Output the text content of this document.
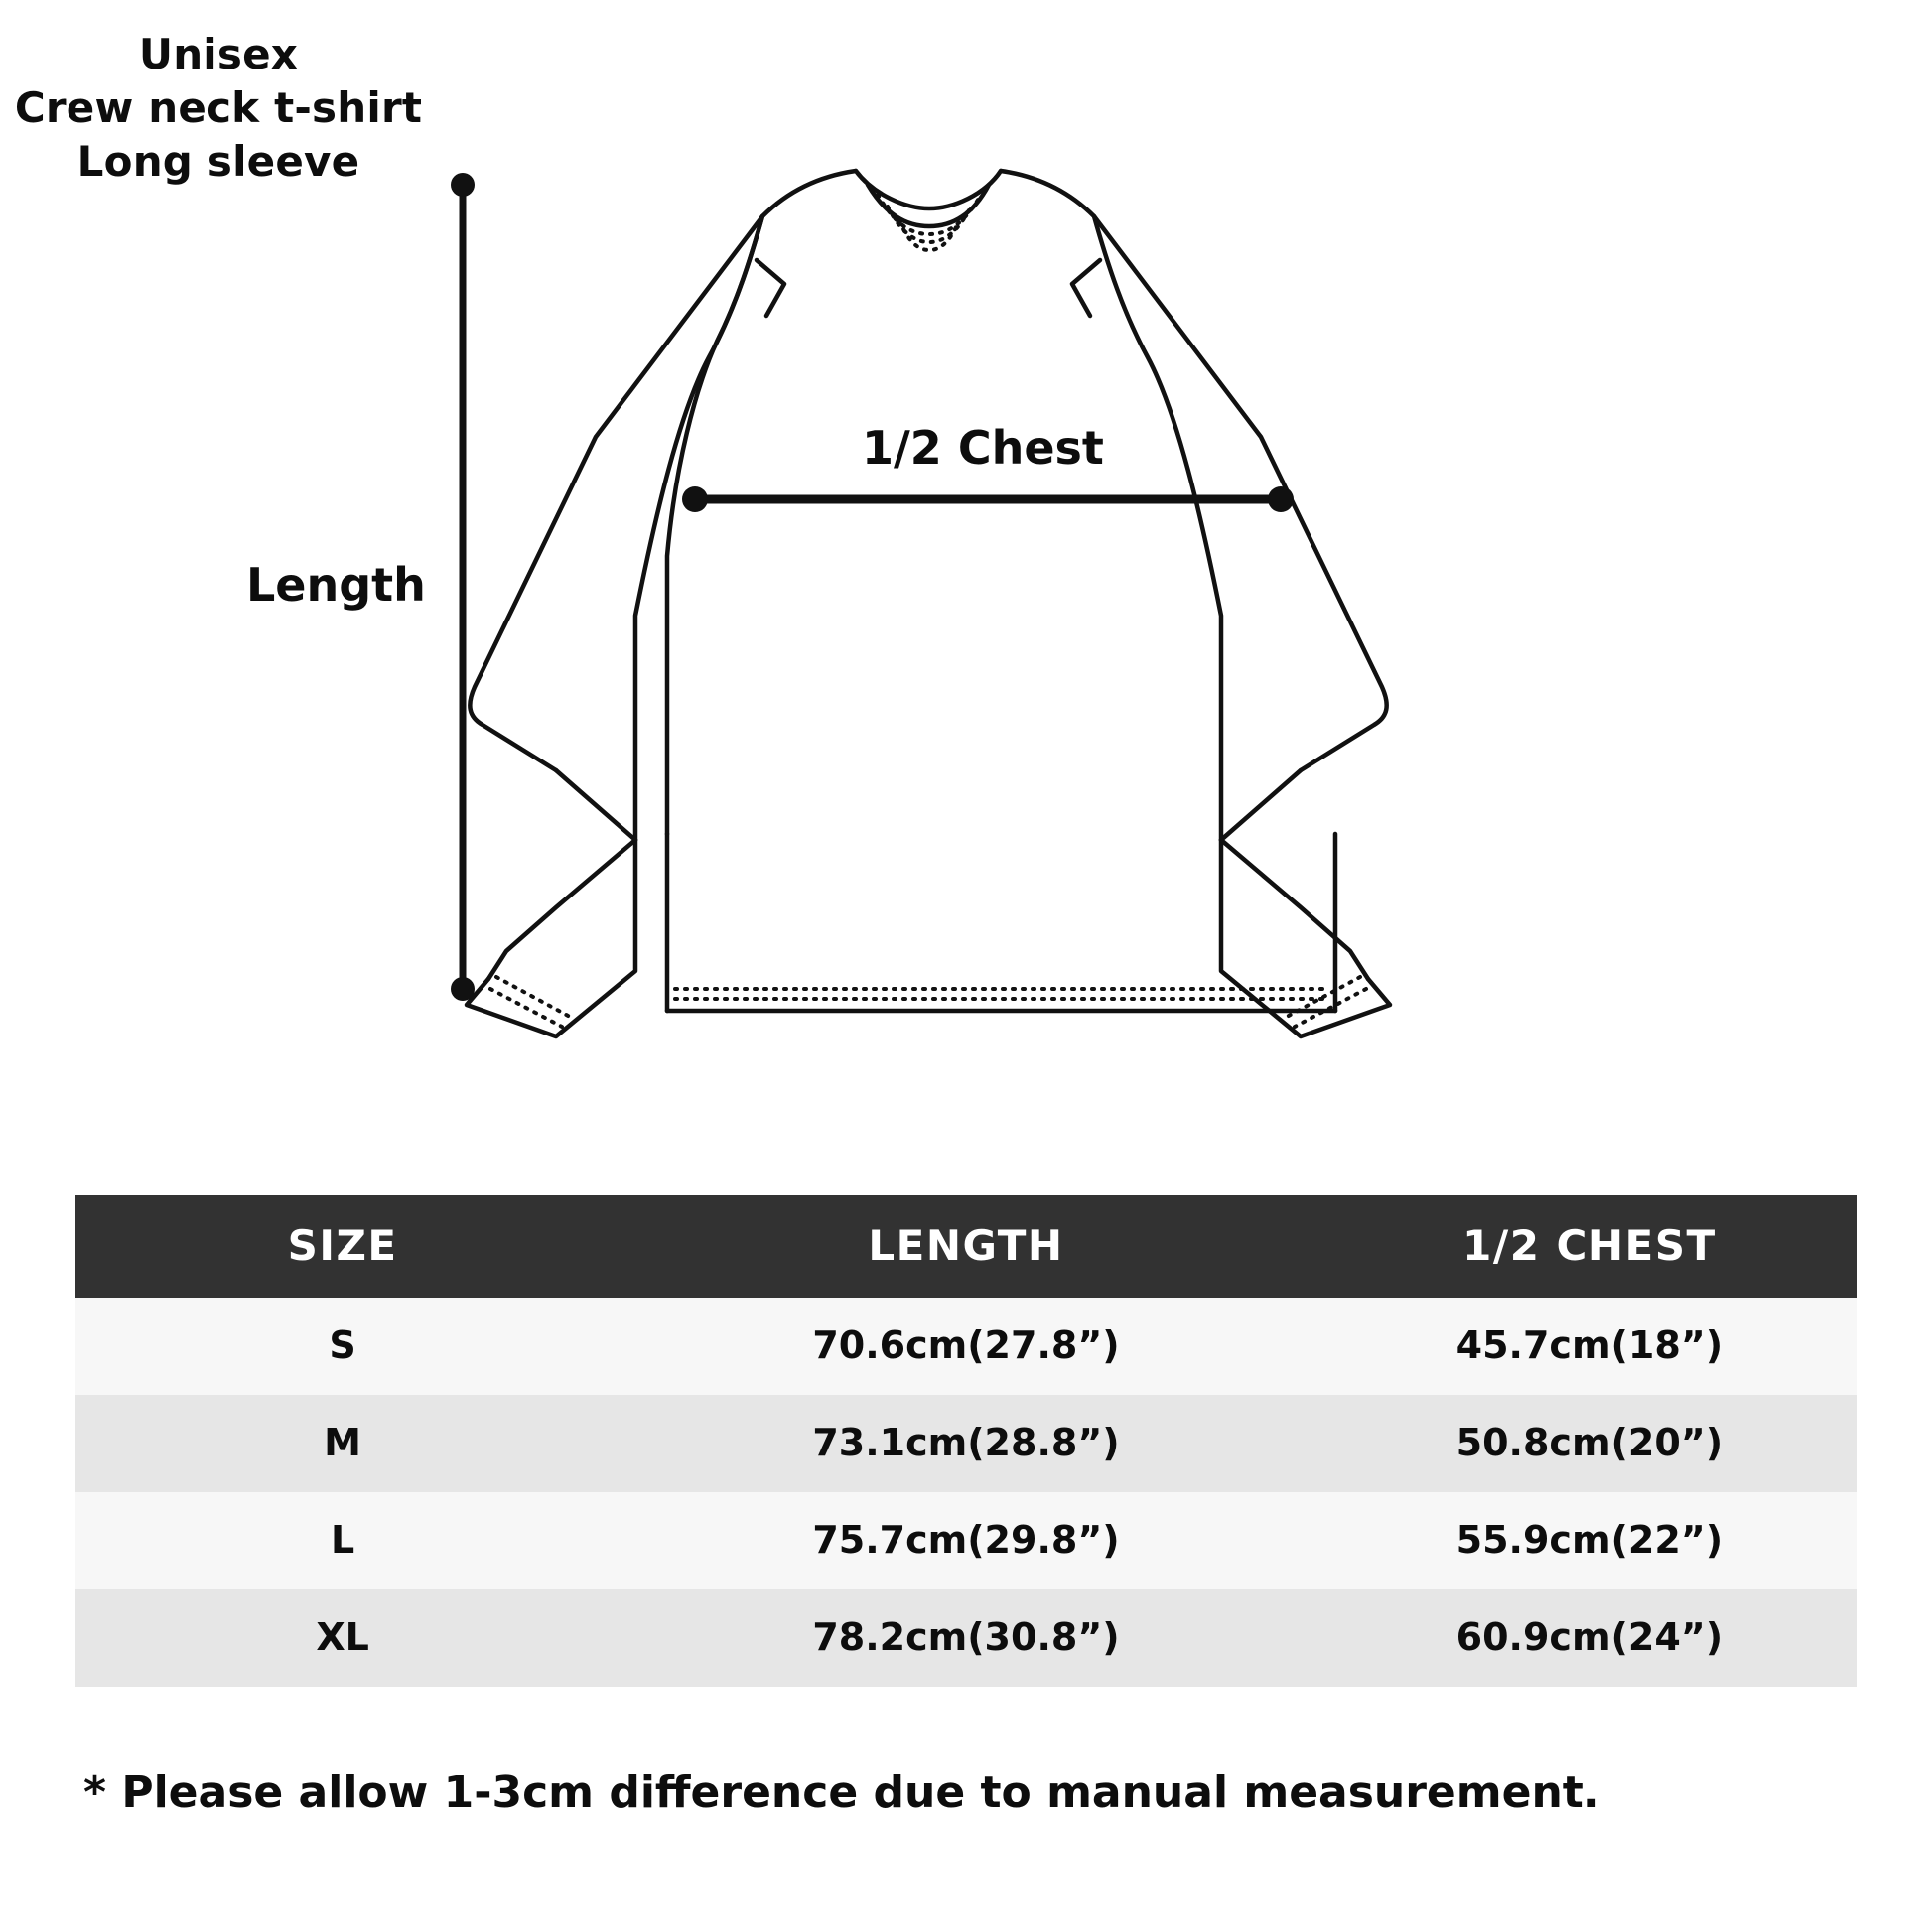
Unisex
Crew neck t-shirt
Long sleeve
Length
1/2 Chest
SIZE	LENGTH	1/2 CHEST
S	70.6cm(27.8”)	45.7cm(18”)
M	73.1cm(28.8”)	50.8cm(20”)
L	75.7cm(29.8”)	55.9cm(22”)
XL	78.2cm(30.8”)	60.9cm(24”)
* Please allow 1-3cm difference due to manual measurement.
